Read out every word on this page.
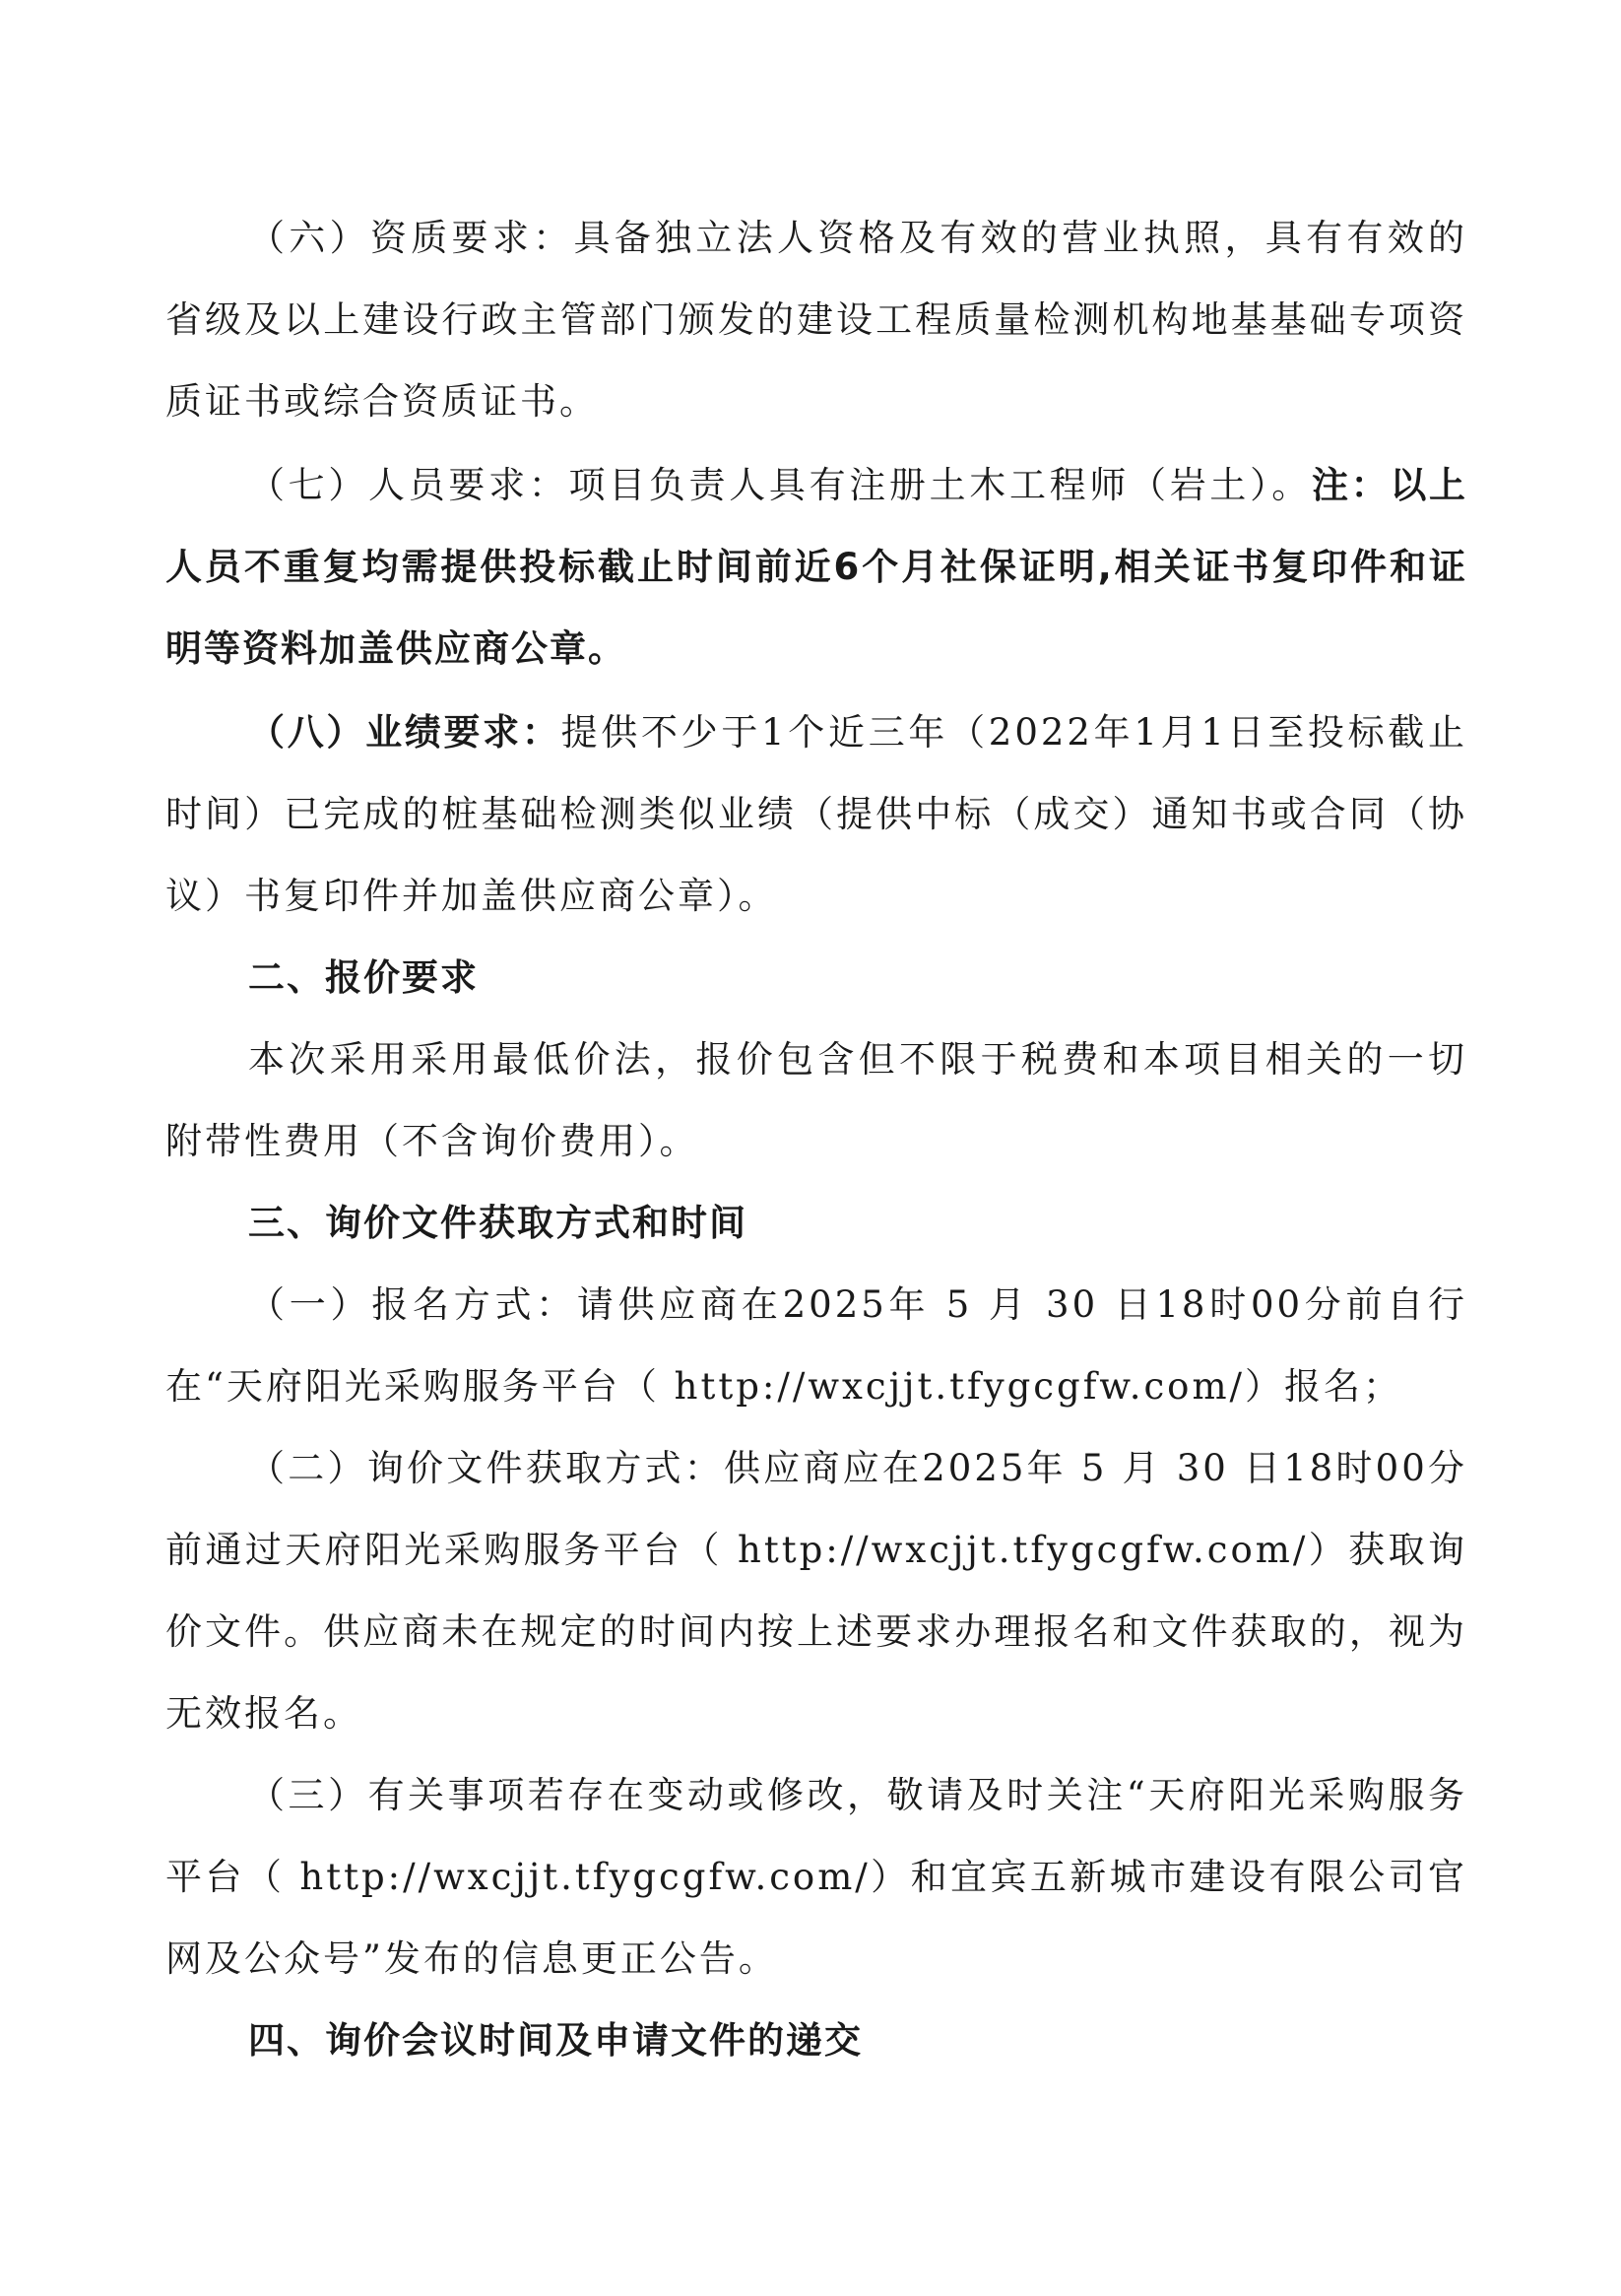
（六）资质要求：具备独立法人资格及有效的营业执照，具有有效的省级及以上建设行政主管部门颁发的建设工程质量检测机构地基基础专项资质证书或综合资质证书。

（七）人员要求：项目负责人具有注册土木工程师（岩土）。注：以上人员不重复均需提供投标截止时间前近6个月社保证明,相关证书复印件和证明等资料加盖供应商公章。

（八）业绩要求：提供不少于1个近三年（2022年1月1日至投标截止时间）已完成的桩基础检测类似业绩（提供中标（成交）通知书或合同（协议）书复印件并加盖供应商公章）。

二、报价要求

本次采用采用最低价法，报价包含但不限于税费和本项目相关的一切附带性费用（不含询价费用）。

三、询价文件获取方式和时间

（一）报名方式：请供应商在2025年 5 月 30 日18时00分前自行在“天府阳光采购服务平台（ http://wxcjjt.tfygcgfw.com/）报名；

（二）询价文件获取方式：供应商应在2025年 5 月 30 日18时00分前通过天府阳光采购服务平台（ http://wxcjjt.tfygcgfw.com/）获取询价文件。供应商未在规定的时间内按上述要求办理报名和文件获取的，视为无效报名。

（三）有关事项若存在变动或修改，敬请及时关注“天府阳光采购服务平台（ http://wxcjjt.tfygcgfw.com/）和宜宾五新城市建设有限公司官网及公众号”发布的信息更正公告。

四、询价会议时间及申请文件的递交
